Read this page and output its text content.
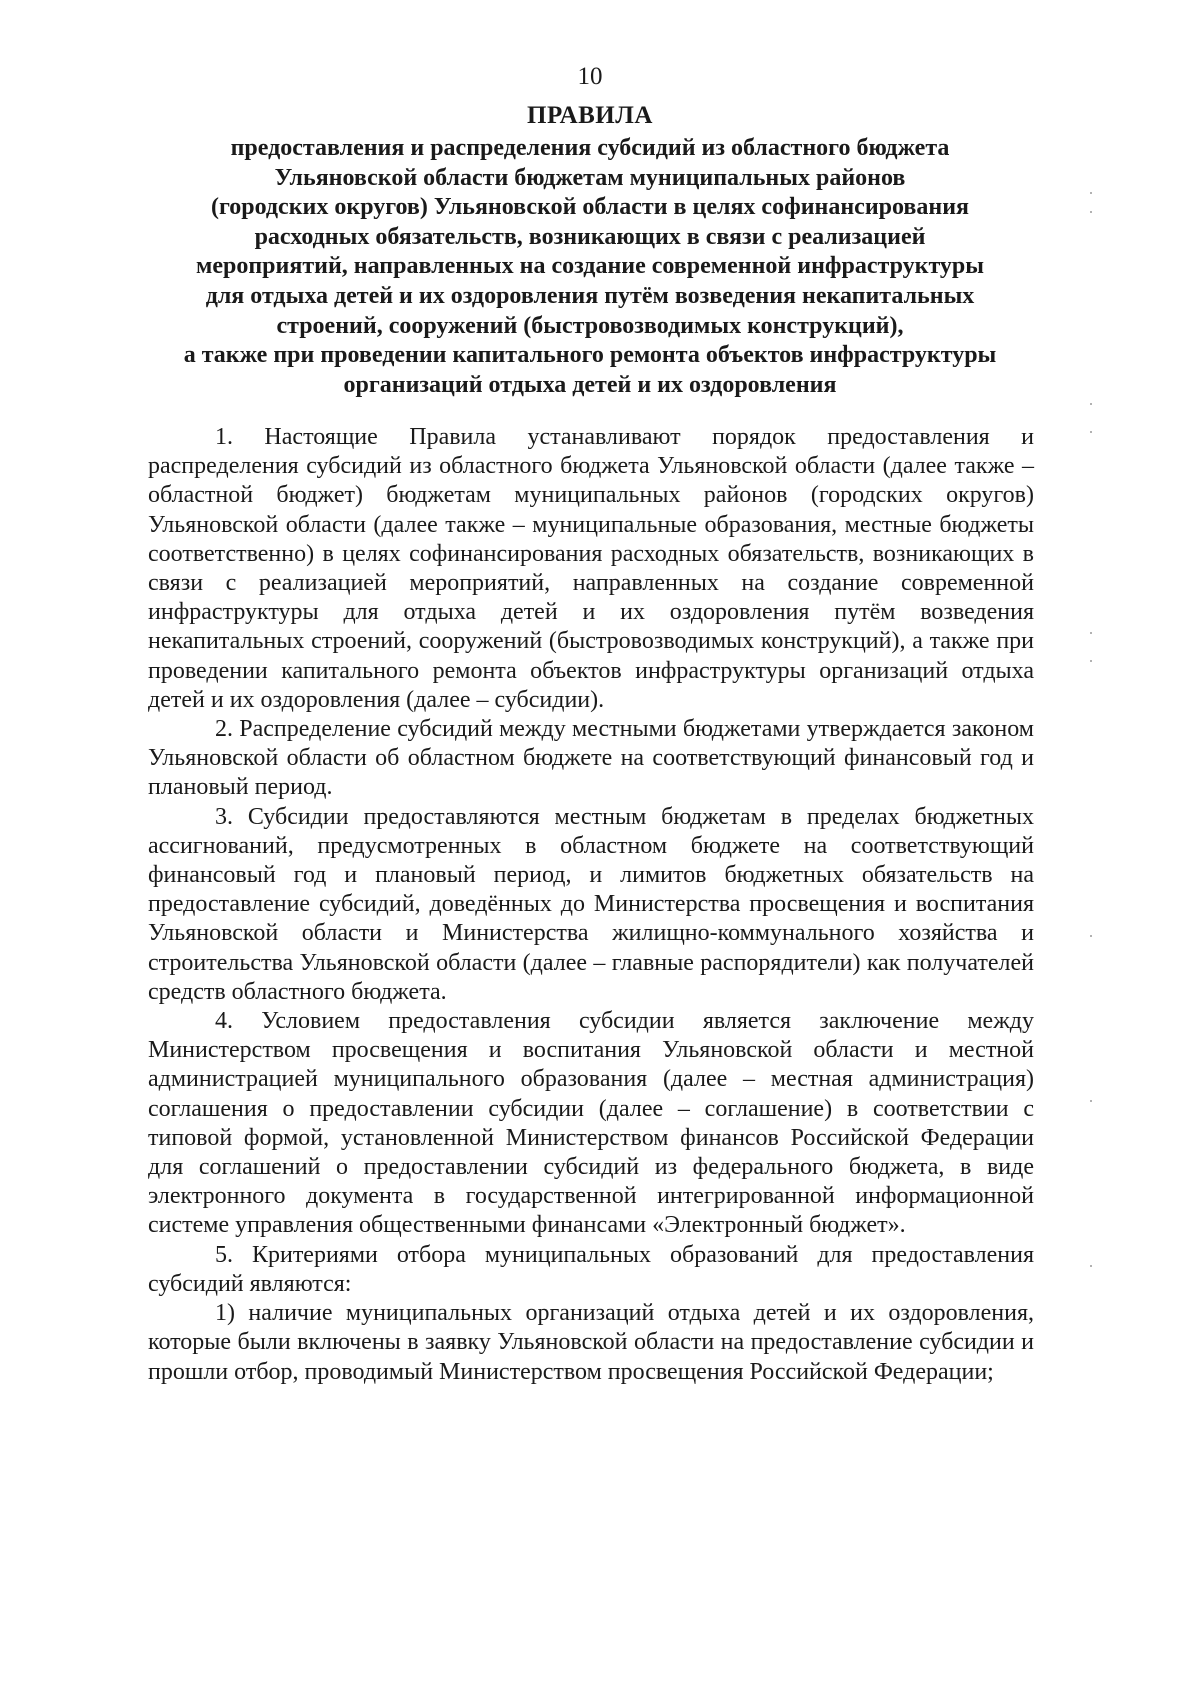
10
ПРАВИЛА
предоставления и распределения субсидий из областного бюджета
Ульяновской области бюджетам муниципальных районов
(городских округов) Ульяновской области в целях софинансирования
расходных обязательств, возникающих в связи с реализацией
мероприятий, направленных на создание современной инфраструктуры
для отдыха детей и их оздоровления путём возведения некапитальных
строений, сооружений (быстровозводимых конструкций),
а также при проведении капитального ремонта объектов инфраструктуры
организаций отдыха детей и их оздоровления

1. Настоящие Правила устанавливают порядок предоставления и распределения субсидий из областного бюджета Ульяновской области (далее также – областной бюджет) бюджетам муниципальных районов (городских округов) Ульяновской области (далее также – муниципальные образования, местные бюджеты соответственно) в целях софинансирования расходных обязательств, возникающих в связи с реализацией мероприятий, направленных на создание современной инфраструктуры для отдыха детей и их оздоровления путём возведения некапитальных строений, сооружений (быстровозводимых конструкций), а также при проведении капитального ремонта объектов инфраструктуры организаций отдыха детей и их оздоровления (далее – субсидии).

2. Распределение субсидий между местными бюджетами утверждается законом Ульяновской области об областном бюджете на соответствующий финансовый год и плановый период.

3. Субсидии предоставляются местным бюджетам в пределах бюджетных ассигнований, предусмотренных в областном бюджете на соответствующий финансовый год и плановый период, и лимитов бюджетных обязательств на предоставление субсидий, доведённых до Министерства просвещения и воспитания Ульяновской области и Министерства жилищно-коммунального хозяйства и строительства Ульяновской области (далее – главные распорядители) как получателей средств областного бюджета.

4. Условием предоставления субсидии является заключение между Министерством просвещения и воспитания Ульяновской области и местной администрацией муниципального образования (далее – местная администрация) соглашения о предоставлении субсидии (далее – соглашение) в соответствии с типовой формой, установленной Министерством финансов Российской Федерации для соглашений о предоставлении субсидий из федерального бюджета, в виде электронного документа в государственной интегрированной информационной системе управления общественными финансами «Электронный бюджет».

5. Критериями отбора муниципальных образований для предоставления субсидий являются:

1) наличие муниципальных организаций отдыха детей и их оздоровления, которые были включены в заявку Ульяновской области на предоставление субсидии и прошли отбор, проводимый Министерством просвещения Российской Федерации;
